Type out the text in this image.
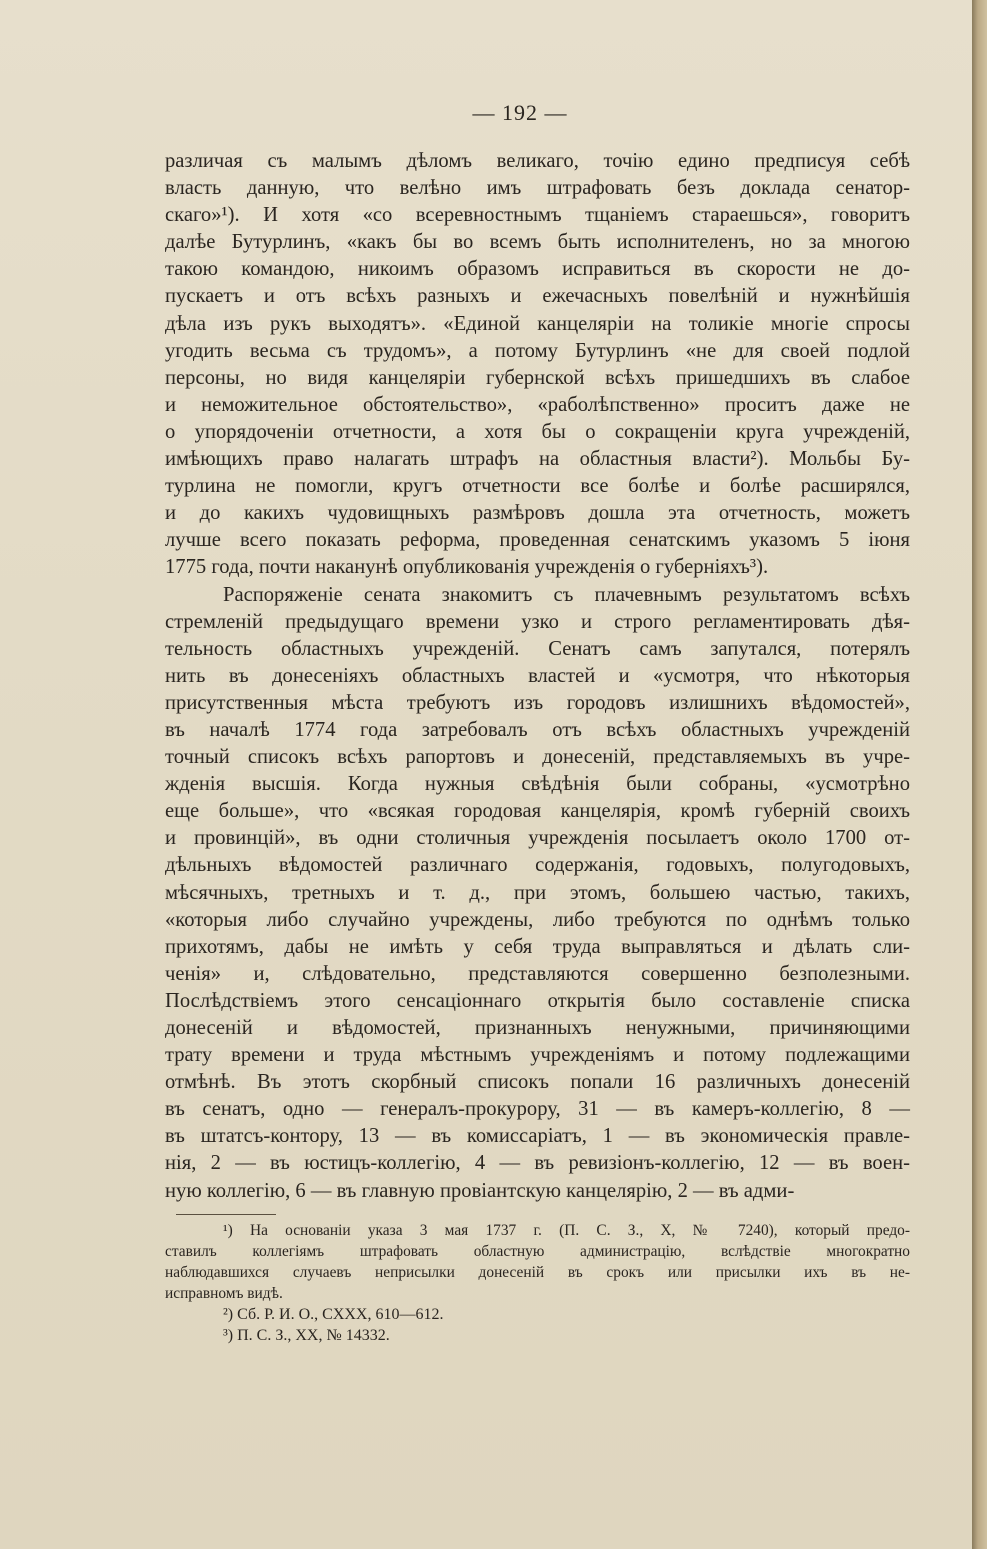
— 192 —
различая съ малымъ дѣломъ великаго, точію едино предписуя себѣ
власть данную, что велѣно имъ штрафовать безъ доклада сенатор-
скаго»¹). И хотя «со всеревностнымъ тщаніемъ стараешься», говоритъ
далѣе Бутурлинъ, «какъ бы во всемъ быть исполнителенъ, но за многою
такою командою, никоимъ образомъ исправиться въ скорости не до-
пускаетъ и отъ всѣхъ разныхъ и ежечасныхъ повелѣній и нужнѣйшія
дѣла изъ рукъ выходятъ». «Единой канцеляріи на толикіе многіе спросы
угодить весьма съ трудомъ», а потому Бутурлинъ «не для своей подлой
персоны, но видя канцеляріи губернской всѣхъ пришедшихъ въ слабое
и неможительное обстоятельство», «раболѣпственно» проситъ даже не
о упорядоченіи отчетности, а хотя бы о сокращеніи круга учрежденій,
имѣющихъ право налагать штрафъ на областныя власти²). Мольбы Бу-
турлина не помогли, кругъ отчетности все болѣе и болѣе расширялся,
и до какихъ чудовищныхъ размѣровъ дошла эта отчетность, можетъ
лучше всего показать реформа, проведенная сенатскимъ указомъ 5 іюня
1775 года, почти наканунѣ опубликованія учрежденія о губерніяхъ³).
Распоряженіе сената знакомитъ съ плачевнымъ результатомъ всѣхъ
стремленій предыдущаго времени узко и строго регламентировать дѣя-
тельность областныхъ учрежденій. Сенатъ самъ запутался, потерялъ
нить въ донесеніяхъ областныхъ властей и «усмотря, что нѣкоторыя
присутственныя мѣста требуютъ изъ городовъ излишнихъ вѣдомостей»,
въ началѣ 1774 года затребовалъ отъ всѣхъ областныхъ учрежденій
точный списокъ всѣхъ рапортовъ и донесеній, представляемыхъ въ учре-
жденія высшія. Когда нужныя свѣдѣнія были собраны, «усмотрѣно
еще больше», что «всякая городовая канцелярія, кромѣ губерній своихъ
и провинцій», въ одни столичныя учрежденія посылаетъ около 1700 от-
дѣльныхъ вѣдомостей различнаго содержанія, годовыхъ, полугодовыхъ,
мѣсячныхъ, третныхъ и т. д., при этомъ, большею частью, такихъ,
«которыя либо случайно учреждены, либо требуются по однѣмъ только
прихотямъ, дабы не имѣть у себя труда выправляться и дѣлать сли-
ченія» и, слѣдовательно, представляются совершенно безполезными.
Послѣдствіемъ этого сенсаціоннаго открытія было составленіе списка
донесеній и вѣдомостей, признанныхъ ненужными, причиняющими
трату времени и труда мѣстнымъ учрежденіямъ и потому подлежащими
отмѣнѣ. Въ этотъ скорбный списокъ попали 16 различныхъ донесеній
въ сенатъ, одно — генералъ-прокурору, 31 — въ камеръ-коллегію, 8 —
въ штатсъ-контору, 13 — въ комиссаріатъ, 1 — въ экономическія правле-
нія, 2 — въ юстицъ-коллегію, 4 — въ ревизіонъ-коллегію, 12 — въ воен-
ную коллегію, 6 — въ главную провіантскую канцелярію, 2 — въ адми-
¹) На основаніи указа 3 мая 1737 г. (П. С. З., X, № 7240), который предо-
ставилъ коллегіямъ штрафовать областную администрацію, вслѣдствіе многократно
наблюдавшихся случаевъ неприсылки донесеній въ срокъ или присылки ихъ въ не-
исправномъ видѣ.
²) Сб. Р. И. О., CXXX, 610—612.
³) П. С. З., XX, № 14332.
